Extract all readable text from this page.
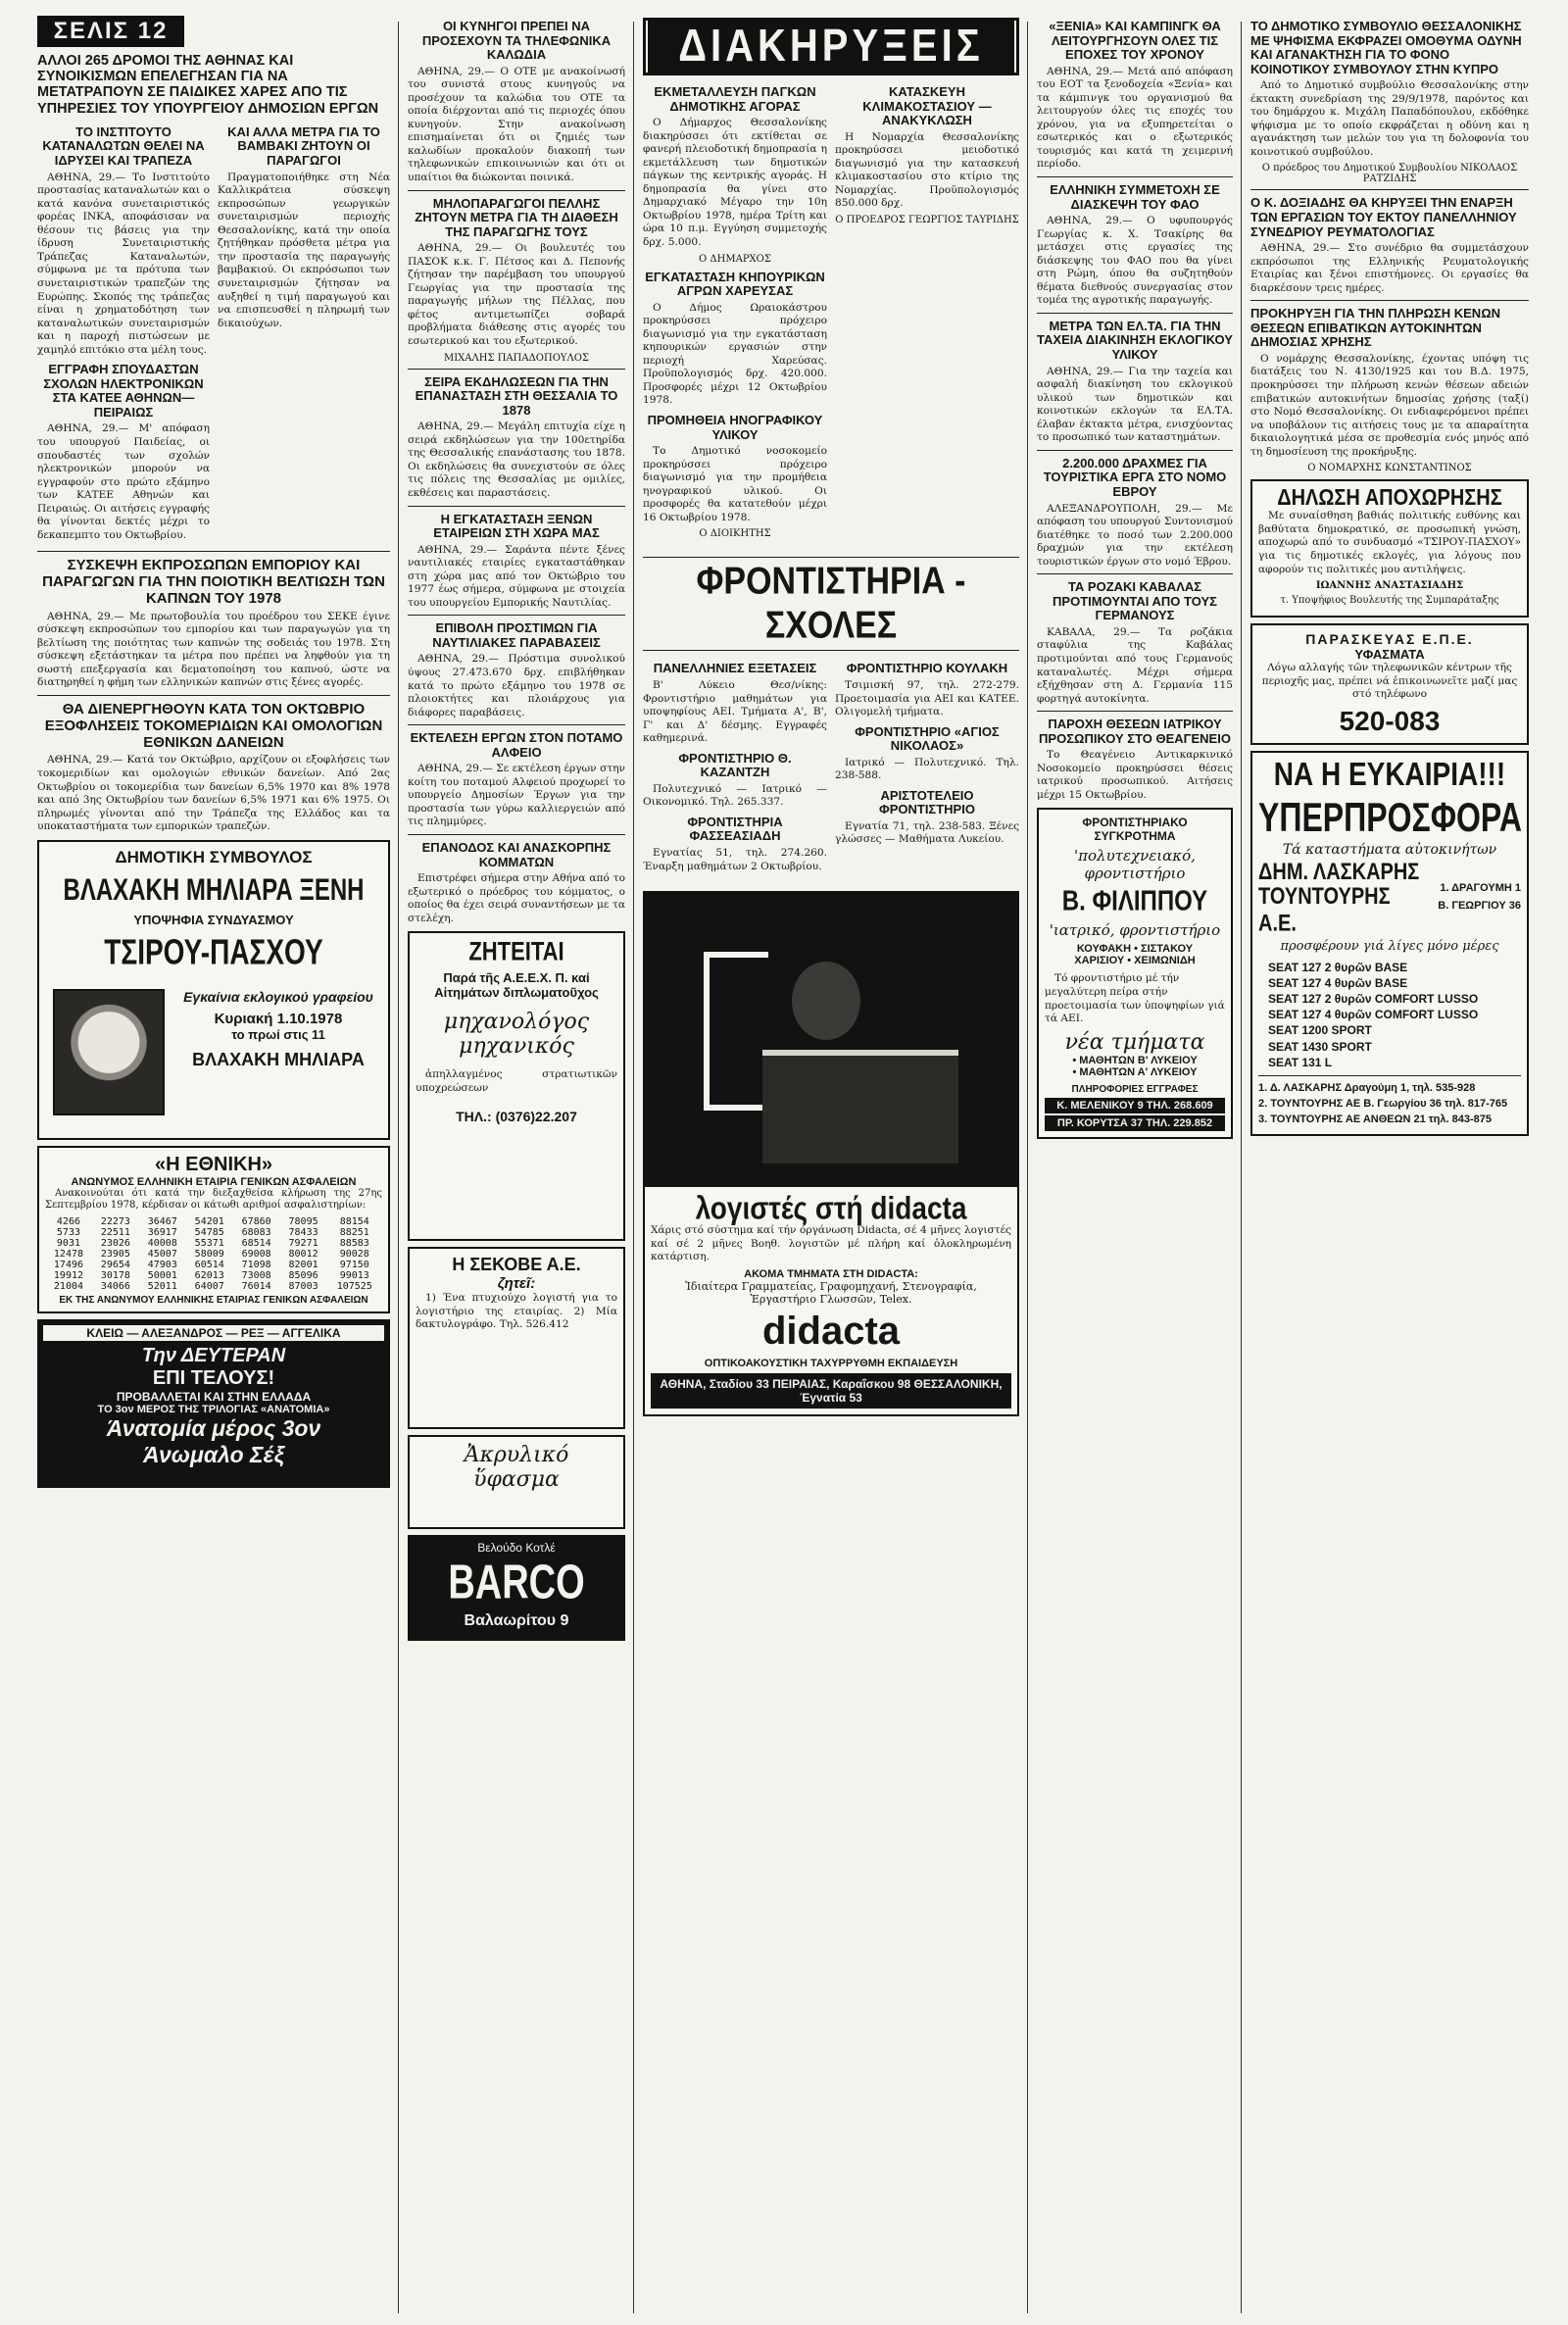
ΣΕΛΙΣ 12
ΑΛΛΟΙ 265 ΔΡΟΜΟΙ ΤΗΣ ΑΘΗΝΑΣ ΚΑΙ ΣΥΝΟΙΚΙΣΜΩΝ ΕΠΕΛΕΓΗΣΑΝ ΓΙΑ ΝΑ ΜΕΤΑΤΡΑΠΟΥΝ ΣΕ ΠΑΙΔΙΚΕΣ ΧΑΡΕΣ ΑΠΟ ΤΙΣ ΥΠΗΡΕΣΙΕΣ ΤΟΥ ΥΠΟΥΡΓΕΙΟΥ ΔΗΜΟΣΙΩΝ ΕΡΓΩΝ
ΤΟ ΙΝΣΤΙΤΟΥΤΟ ΚΑΤΑΝΑΛΩΤΩΝ ΘΕΛΕΙ ΝΑ ΙΔΡΥΣΕΙ ΚΑΙ ΤΡΑΠΕΖΑ

ΑΘΗΝΑ, 29.— Το Ινστιτούτο προστασίας καταναλωτών και ο κατά κανόνα συνεταιριστικός φορέας ΙΝΚΑ, αποφάσισαν να θέσουν τις βάσεις για την ίδρυση Συνεταιριστικής Τράπεζας Καταναλωτών, σύμφωνα με τα πρότυπα των συνεταιριστικών τραπεζών της Ευρώπης. Σκοπός της τράπεζας είναι η χρηματοδότηση των καταναλωτικών συνεταιρισμών και η παροχή πιστώσεων με χαμηλό επιτόκιο στα μέλη τους.

ΕΓΓΡΑΦΗ ΣΠΟΥΔΑΣΤΩΝ ΣΧΟΛΩΝ ΗΛΕΚΤΡΟΝΙΚΩΝ ΣΤΑ ΚΑΤΕΕ ΑΘΗΝΩΝ—ΠΕΙΡΑΙΩΣ

ΑΘΗΝΑ, 29.— Μ' απόφαση του υπουργού Παιδείας, οι σπουδαστές των σχολών ηλεκτρονικών μπορούν να εγγραφούν στο πρώτο εξάμηνο των ΚΑΤΕΕ Αθηνών και Πειραιώς. Οι αιτήσεις εγγραφής θα γίνονται δεκτές μέχρι το δεκαπεμπτο του Οκτωβρίου.

ΚΑΙ ΑΛΛΑ ΜΕΤΡΑ ΓΙΑ ΤΟ ΒΑΜΒΑΚΙ ΖΗΤΟΥΝ ΟΙ ΠΑΡΑΓΩΓΟΙ

Πραγματοποιήθηκε στη Νέα Καλλικράτεια σύσκεψη εκπροσώπων γεωργικών συνεταιρισμών περιοχής Θεσσαλονίκης, κατά την οποία ζητήθηκαν πρόσθετα μέτρα για την προστασία της παραγωγής βαμβακιού. Οι εκπρόσωποι των συνεταιρισμών ζήτησαν να αυξηθεί η τιμή παραγωγού και να επισπευσθεί η πληρωμή των δικαιούχων.

ΣΥΣΚΕΨΗ ΕΚΠΡΟΣΩΠΩΝ ΕΜΠΟΡΙΟΥ ΚΑΙ ΠΑΡΑΓΩΓΩΝ ΓΙΑ ΤΗΝ ΠΟΙΟΤΙΚΗ ΒΕΛΤΙΩΣΗ ΤΩΝ ΚΑΠΝΩΝ ΤΟΥ 1978

ΑΘΗΝΑ, 29.— Με πρωτοβουλία του προέδρου του ΣΕΚΕ έγινε σύσκεψη εκπροσώπων του εμπορίου και των παραγωγών για τη βελτίωση της ποιότητας των καπνών της σοδειάς του 1978. Στη σύσκεψη εξετάστηκαν τα μέτρα που πρέπει να ληφθούν για τη σωστή επεξεργασία και δεματοποίηση του καπνού, ώστε να διατηρηθεί η φήμη των ελληνικών καπνών στις ξένες αγορές.

ΘΑ ΔΙΕΝΕΡΓΗΘΟΥΝ ΚΑΤΑ ΤΟΝ ΟΚΤΩΒΡΙΟ ΕΞΟΦΛΗΣΕΙΣ ΤΟΚΟΜΕΡΙΔΙΩΝ ΚΑΙ ΟΜΟΛΟΓΙΩΝ ΕΘΝΙΚΩΝ ΔΑΝΕΙΩΝ

ΑΘΗΝΑ, 29.— Κατά τον Οκτώβριο, αρχίζουν οι εξοφλήσεις των τοκομεριδίων και ομολογιών εθνικών δανείων. Από 2ας Οκτωβρίου οι τοκομερίδια των δανείων 6,5% 1970 και 8% 1978 και από 3ης Οκτωβρίου των δανείων 6,5% 1971 και 6% 1975. Οι πληρωμές γίνονται από την Τράπεζα της Ελλάδος και τα υποκαταστήματα των εμπορικών τραπεζών.

ΔΗΜΟΤΙΚΗ ΣΥΜΒΟΥΛΟΣ
ΒΛΑΧΑΚΗ ΜΗΛΙΑΡΑ ΞΕΝΗ
ΥΠΟΨΗΦΙΑ ΣΥΝΔΥΑΣΜΟΥ
ΤΣΙΡΟΥ-ΠΑΣΧΟΥ
Εγκαίνια εκλογικού γραφείου
Κυριακή 1.10.1978
το πρωί στις 11
ΒΛΑΧΑΚΗ ΜΗΛΙΑΡΑ
«Η ΕΘΝΙΚΗ»
ΑΝΩΝΥΜΟΣ ΕΛΛΗΝΙΚΗ ΕΤΑΙΡΙΑ ΓΕΝΙΚΩΝ ΑΣΦΑΛΕΙΩΝ

Ανακοινούται ότι κατά την διεξαχθείσα κλήρωση της 27ης Σεπτεμβρίου 1978, κέρδισαν οι κάτωθι αριθμοί ασφαλιστηρίων:

4266	22273	36467	54201	67860	78095	88154
5733	22511	36917	54785	68083	78433	88251
9031	23026	40008	55371	68514	79271	88583
12478	23905	45007	58009	69008	80012	90028
17496	29654	47903	60514	71098	82001	97150
19912	30178	50001	62013	73008	85096	99013
21004	34066	52011	64007	76014	87003	107525
ΕΚ ΤΗΣ ΑΝΩΝΥΜΟΥ ΕΛΛΗΝΙΚΗΣ ΕΤΑΙΡΙΑΣ ΓΕΝΙΚΩΝ ΑΣΦΑΛΕΙΩΝ
ΚΛΕΙΩ — ΑΛΕΞΑΝΔΡΟΣ — ΡΕΞ — ΑΓΓΕΛΙΚΑ
Την ΔΕΥΤΕΡΑΝ
ΕΠΙ ΤΕΛΟΥΣ!
ΠΡΟΒΑΛΛΕΤΑΙ ΚΑΙ ΣΤΗΝ ΕΛΛΑΔΑ
ΤΟ 3ον ΜΕΡΟΣ ΤΗΣ ΤΡΙΛΟΓΙΑΣ «ΑΝΑΤΟΜΙΑ»
Άνατομία μέρος 3ον
Άνωμαλο Σέξ
ΟΙ ΚΥΝΗΓΟΙ ΠΡΕΠΕΙ ΝΑ ΠΡΟΣΕΧΟΥΝ ΤΑ ΤΗΛΕΦΩΝΙΚΑ ΚΑΛΩΔΙΑ

ΑΘΗΝΑ, 29.— Ο ΟΤΕ με ανακοίνωσή του συνιστά στους κυνηγούς να προσέχουν τα καλώδια του ΟΤΕ τα οποία διέρχονται από τις περιοχές όπου κυνηγούν. Στην ανακοίνωση επισημαίνεται ότι οι ζημιές των καλωδίων προκαλούν διακοπή των τηλεφωνικών επικοινωνιών και ότι οι υπαίτιοι θα διώκονται ποινικά.

ΜΗΛΟΠΑΡΑΓΩΓΟΙ ΠΕΛΛΗΣ ΖΗΤΟΥΝ ΜΕΤΡΑ ΓΙΑ ΤΗ ΔΙΑΘΕΣΗ ΤΗΣ ΠΑΡΑΓΩΓΗΣ ΤΟΥΣ

ΑΘΗΝΑ, 29.— Οι βουλευτές του ΠΑΣΟΚ κ.κ. Γ. Πέτσος και Δ. Πεπονής ζήτησαν την παρέμβαση του υπουργού Γεωργίας για την προστασία της παραγωγής μήλων της Πέλλας, που φέτος αντιμετωπίζει σοβαρά προβλήματα διάθεσης στις αγορές του εσωτερικού και του εξωτερικού.

ΜΙΧΑΛΗΣ ΠΑΠΑΔΟΠΟΥΛΟΣ
ΣΕΙΡΑ ΕΚΔΗΛΩΣΕΩΝ ΓΙΑ ΤΗΝ ΕΠΑΝΑΣΤΑΣΗ ΣΤΗ ΘΕΣΣΑΛΙΑ ΤΟ 1878

ΑΘΗΝΑ, 29.— Μεγάλη επιτυχία είχε η σειρά εκδηλώσεων για την 100ετηρίδα της Θεσσαλικής επανάστασης του 1878. Οι εκδηλώσεις θα συνεχιστούν σε όλες τις πόλεις της Θεσσαλίας με ομιλίες, εκθέσεις και παραστάσεις.

Η ΕΓΚΑΤΑΣΤΑΣΗ ΞΕΝΩΝ ΕΤΑΙΡΕΙΩΝ ΣΤΗ ΧΩΡΑ ΜΑΣ

ΑΘΗΝΑ, 29.— Σαράντα πέντε ξένες ναυτιλιακές εταιρίες εγκαταστάθηκαν στη χώρα μας από τον Οκτώβριο του 1977 έως σήμερα, σύμφωνα με στοιχεία του υπουργείου Εμπορικής Ναυτιλίας.

ΕΠΙΒΟΛΗ ΠΡΟΣΤΙΜΩΝ ΓΙΑ ΝΑΥΤΙΛΙΑΚΕΣ ΠΑΡΑΒΑΣΕΙΣ

ΑΘΗΝΑ, 29.— Πρόστιμα συνολικού ύψους 27.473.670 δρχ. επιβλήθηκαν κατά το πρώτο εξάμηνο του 1978 σε πλοιοκτήτες και πλοιάρχους για διάφορες παραβάσεις.

ΕΚΤΕΛΕΣΗ ΕΡΓΩΝ ΣΤΟΝ ΠΟΤΑΜΟ ΑΛΦΕΙΟ

ΑΘΗΝΑ, 29.— Σε εκτέλεση έργων στην κοίτη του ποταμού Αλφειού προχωρεί το υπουργείο Δημοσίων Έργων για την προστασία των γύρω καλλιεργειών από τις πλημμύρες.

ΕΠΑΝΟΔΟΣ ΚΑΙ ΑΝΑΣΚΟΡΠΗΣ ΚΟΜΜΑΤΩΝ

Επιστρέφει σήμερα στην Αθήνα από το εξωτερικό ο πρόεδρος του κόμματος, ο οποίος θα έχει σειρά συναντήσεων με τα στελέχη.

ΖΗΤΕΙΤΑΙ
Παρά τῆς Α.Ε.Ε.Χ. Π. καί Αἰτημάτων διπλωματοῦχος
μηχανολόγος μηχανικός

ἀπηλλαγμένος στρατιωτικῶν υποχρεώσεων

ΤΗΛ.: (0376)22.207
Η ΣΕΚΟΒΕ Α.Ε.
ζητεῖ:

1) Ένα πτυχιούχο λογιστή για το λογιστήριο της εταιρίας. 2) Μία δακτυλογράφο. Τηλ. 526.412

Ἀκρυλικό
ὕφασμα
Βελούδο Κοτλέ
BARCO
Βαλαωρίτου 9
ΔΙΑΚΗΡΥΞΕΙΣ
ΕΚΜΕΤΑΛΛΕΥΣΗ ΠΑΓΚΩΝ ΔΗΜΟΤΙΚΗΣ ΑΓΟΡΑΣ

Ο Δήμαρχος Θεσσαλονίκης διακηρύσσει ότι εκτίθεται σε φανερή πλειοδοτική δημοπρασία η εκμετάλλευση των δημοτικών πάγκων της κεντρικής αγοράς. Η δημοπρασία θα γίνει στο Δημαρχιακό Μέγαρο την 10η Οκτωβρίου 1978, ημέρα Τρίτη και ώρα 10 π.μ. Εγγύηση συμμετοχής δρχ. 5.000.

Ο ΔΗΜΑΡΧΟΣ
ΕΓΚΑΤΑΣΤΑΣΗ ΚΗΠΟΥΡΙΚΩΝ ΑΓΡΩΝ ΧΑΡΕΥΣΑΣ

Ο Δήμος Ωραιοκάστρου προκηρύσσει πρόχειρο διαγωνισμό για την εγκατάσταση κηπουρικών εργασιών στην περιοχή Χαρεύσας. Προϋπολογισμός δρχ. 420.000. Προσφορές μέχρι 12 Οκτωβρίου 1978.

ΠΡΟΜΗΘΕΙΑ ΗΝΟΓΡΑΦΙΚΟΥ ΥΛΙΚΟΥ

Το Δημοτικό νοσοκομείο προκηρύσσει πρόχειρο διαγωνισμό για την προμήθεια ηνογραφικού υλικού. Οι προσφορές θα κατατεθούν μέχρι 16 Οκτωβρίου 1978.

Ο ΔΙΟΙΚΗΤΗΣ
ΚΑΤΑΣΚΕΥΗ ΚΛΙΜΑΚΟΣΤΑΣΙΟΥ — ΑΝΑΚΥΚΛΩΣΗ

Η Νομαρχία Θεσσαλονίκης προκηρύσσει μειοδοτικό διαγωνισμό για την κατασκευή κλιμακοστασίου στο κτίριο της Νομαρχίας. Προϋπολογισμός 850.000 δρχ.

Ο ΠΡΟΕΔΡΟΣ ΓΕΩΡΓΙΟΣ ΤΑΥΡΙΔΗΣ
ΦΡΟΝΤΙΣΤΗΡΙΑ - ΣΧΟΛΕΣ
ΠΑΝΕΛΛΗΝΙΕΣ ΕΞΕΤΑΣΕΙΣ

Β' Λύκειο Θεσ/νίκης: Φροντιστήριο μαθημάτων για υποψηφίους ΑΕΙ. Τμήματα Α', Β', Γ' και Δ' δέσμης. Εγγραφές καθημερινά.

ΦΡΟΝΤΙΣΤΗΡΙΟ Θ. ΚΑΖΑΝΤΖΗ

Πολυτεχνικό — Ιατρικό — Οικονομικό. Τηλ. 265.337.

ΦΡΟΝΤΙΣΤΗΡΙΑ ΦΑΣΣΕΑΣΙΑΔΗ

Εγνατίας 51, τηλ. 274.260. Έναρξη μαθημάτων 2 Οκτωβρίου.

ΦΡΟΝΤΙΣΤΗΡΙΟ ΚΟΥΛΑΚΗ

Τσιμισκή 97, τηλ. 272-279. Προετοιμασία για ΑΕΙ και ΚΑΤΕΕ. Ολιγομελή τμήματα.

ΦΡΟΝΤΙΣΤΗΡΙΟ «ΑΓΙΟΣ ΝΙΚΟΛΑΟΣ»

Ιατρικό — Πολυτεχνικό. Τηλ. 238-588.

ΑΡΙΣΤΟΤΕΛΕΙΟ ΦΡΟΝΤΙΣΤΗΡΙΟ

Εγνατία 71, τηλ. 238-583. Ξένες γλώσσες — Μαθήματα Λυκείου.

λογιστές στή didacta

Χάρις στό σύστημα καί τήν όργάνωση Didacta, σέ 4 μῆνες λογιστές καί σέ 2 μῆνες Βοηθ. λογιστῶν μέ πλήρη καί ὁλοκληρωμένη κατάρτιση.

ΑΚΟΜΑ ΤΜΗΜΑΤΑ ΣΤΗ DIDACTA:
Ἰδιαίτερα Γραμματείας, Γραφομηχανή, Στενογραφία, Ἐργαστήριο Γλωσσῶν, Telex.
didacta
ΟΠΤΙΚΟΑΚΟΥΣΤΙΚΗ ΤΑΧΥΡΡΥΘΜΗ ΕΚΠΑΙΔΕΥΣΗ
ΑΘΗΝΑ, Σταδίου 33 ΠΕΙΡΑΙΑΣ, Καραΐσκου 98 ΘΕΣΣΑΛΟΝΙΚΗ, Έγνατία 53
«ΞΕΝΙΑ» ΚΑΙ ΚΑΜΠΙΝΓΚ ΘΑ ΛΕΙΤΟΥΡΓΗΣΟΥΝ ΟΛΕΣ ΤΙΣ ΕΠΟΧΕΣ ΤΟΥ ΧΡΟΝΟΥ

ΑΘΗΝΑ, 29.— Μετά από απόφαση του ΕΟΤ τα ξενοδοχεία «Ξενία» και τα κάμπινγκ του οργανισμού θα λειτουργούν όλες τις εποχές του χρόνου, για να εξυπηρετείται ο εσωτερικός και ο εξωτερικός τουρισμός και κατά τη χειμερινή περίοδο.

ΕΛΛΗΝΙΚΗ ΣΥΜΜΕΤΟΧΗ ΣΕ ΔΙΑΣΚΕΨΗ ΤΟΥ ΦΑΟ

ΑΘΗΝΑ, 29.— Ο υφυπουργός Γεωργίας κ. Χ. Τσακίρης θα μετάσχει στις εργασίες της διάσκεψης του ΦΑΟ που θα γίνει στη Ρώμη, όπου θα συζητηθούν θέματα διεθνούς συνεργασίας στον τομέα της αγροτικής παραγωγής.

ΜΕΤΡΑ ΤΩΝ ΕΛ.ΤΑ. ΓΙΑ ΤΗΝ ΤΑΧΕΙΑ ΔΙΑΚΙΝΗΣΗ ΕΚΛΟΓΙΚΟΥ ΥΛΙΚΟΥ

ΑΘΗΝΑ, 29.— Για την ταχεία και ασφαλή διακίνηση του εκλογικού υλικού των δημοτικών και κοινοτικών εκλογών τα ΕΛ.ΤΑ. έλαβαν έκτακτα μέτρα, ενισχύοντας το προσωπικό των καταστημάτων.

2.200.000 ΔΡΑΧΜΕΣ ΓΙΑ ΤΟΥΡΙΣΤΙΚΑ ΕΡΓΑ ΣΤΟ ΝΟΜΟ ΕΒΡΟΥ

ΑΛΕΞΑΝΔΡΟΥΠΟΛΗ, 29.— Με απόφαση του υπουργού Συντονισμού διατέθηκε το ποσό των 2.200.000 δραχμών για την εκτέλεση τουριστικών έργων στο νομό Έβρου.

ΤΑ ΡΟΖΑΚΙ ΚΑΒΑΛΑΣ ΠΡΟΤΙΜΟΥΝΤΑΙ ΑΠΟ ΤΟΥΣ ΓΕΡΜΑΝΟΥΣ

ΚΑΒΑΛΑ, 29.— Τα ροζάκια σταφύλια της Καβάλας προτιμούνται από τους Γερμανούς καταναλωτές. Μέχρι σήμερα εξήχθησαν στη Δ. Γερμανία 115 φορτηγά αυτοκίνητα.

ΠΑΡΟΧΗ ΘΕΣΕΩΝ ΙΑΤΡΙΚΟΥ ΠΡΟΣΩΠΙΚΟΥ ΣΤΟ ΘΕΑΓΕΝΕΙΟ

Το Θεαγένειο Αντικαρκινικό Νοσοκομείο προκηρύσσει θέσεις ιατρικού προσωπικού. Αιτήσεις μέχρι 15 Οκτωβρίου.

ΦΡΟΝΤΙΣΤΗΡΙΑΚΟ ΣΥΓΚΡΟΤΗΜΑ
'πολυτεχνειακό, φροντιστήριο
Β. ΦΙΛΙΠΠΟΥ
'ιατρικό, φροντιστήριο
ΚΟΥΦΑΚΗ • ΣΙΣΤΑΚΟΥ
ΧΑΡΙΣΙΟΥ • ΧΕΙΜΩΝΙΔΗ

Τό φροντιστήριο μέ τήν μεγαλύτερη πείρα στήν προετοιμασία των ὑποψηφίων γιά τά ΑΕΙ.

νέα τμήματα
• ΜΑΘΗΤΩΝ Β' ΛΥΚΕΙΟΥ
• ΜΑΘΗΤΩΝ Α' ΛΥΚΕΙΟΥ
ΠΛΗΡΟΦΟΡΙΕΣ ΕΓΓΡΑΦΕΣ
Κ. ΜΕΛΕΝΙΚΟΥ 9 ΤΗΛ. 268.609
ΠΡ. ΚΟΡΥΤΣΑ 37 ΤΗΛ. 229.852
ΤΟ ΔΗΜΟΤΙΚΟ ΣΥΜΒΟΥΛΙΟ ΘΕΣΣΑΛΟΝΙΚΗΣ ΜΕ ΨΗΦΙΣΜΑ ΕΚΦΡΑΖΕΙ ΟΜΟΘΥΜΑ ΟΔΥΝΗ ΚΑΙ ΑΓΑΝΑΚΤΗΣΗ ΓΙΑ ΤΟ ΦΟΝΟ ΚΟΙΝΟΤΙΚΟΥ ΣΥΜΒΟΥΛΟΥ ΣΤΗΝ ΚΥΠΡΟ

Από το Δημοτικό συμβούλιο Θεσσαλονίκης στην έκτακτη συνεδρίαση της 29/9/1978, παρόντος και του δημάρχου κ. Μιχάλη Παπαδόπουλου, εκδόθηκε ψήφισμα με το οποίο εκφράζεται η οδύνη και η αγανάκτηση των μελών του για τη δολοφονία του κοινοτικού συμβούλου.

Ο πρόεδρος του Δημοτικού Συμβουλίου ΝΙΚΟΛΑΟΣ ΡΑΤΖΙΔΗΣ
Ο Κ. ΔΟΞΙΑΔΗΣ ΘΑ ΚΗΡΥΞΕΙ ΤΗΝ ΕΝΑΡΞΗ ΤΩΝ ΕΡΓΑΣΙΩΝ ΤΟΥ ΕΚΤΟΥ ΠΑΝΕΛΛΗΝΙΟΥ ΣΥΝΕΔΡΙΟΥ ΡΕΥΜΑΤΟΛΟΓΙΑΣ

ΑΘΗΝΑ, 29.— Στο συνέδριο θα συμμετάσχουν εκπρόσωποι της Ελληνικής Ρευματολογικής Εταιρίας και ξένοι επιστήμονες. Οι εργασίες θα διαρκέσουν τρεις ημέρες.

ΠΡΟΚΗΡΥΞΗ ΓΙΑ ΤΗΝ ΠΛΗΡΩΣΗ ΚΕΝΩΝ ΘΕΣΕΩΝ ΕΠΙΒΑΤΙΚΩΝ ΑΥΤΟΚΙΝΗΤΩΝ ΔΗΜΟΣΙΑΣ ΧΡΗΣΗΣ

Ο νομάρχης Θεσσαλονίκης, έχοντας υπόψη τις διατάξεις του Ν. 4130/1925 και του Β.Δ. 1975, προκηρύσσει την πλήρωση κενών θέσεων αδειών επιβατικών αυτοκινήτων δημοσίας χρήσης (ταξί) στο Νομό Θεσσαλονίκης. Οι ενδιαφερόμενοι πρέπει να υποβάλουν τις αιτήσεις τους με τα απαραίτητα δικαιολογητικά μέσα σε προθεσμία ενός μηνός από τη δημοσίευση της προκήρυξης.

Ο ΝΟΜΑΡΧΗΣ ΚΩΝΣΤΑΝΤΙΝΟΣ
ΔΗΛΩΣΗ ΑΠΟΧΩΡΗΣΗΣ

Με συναίσθηση βαθιάς πολιτικής ευθύνης και βαθύτατα δημοκρατικό, σε προσωπική γνώση, αποχωρώ από το συνδυασμό «ΤΣΙΡΟΥ-ΠΑΣΧΟΥ» για τις δημοτικές εκλογές, για λόγους που αφορούν τις πολιτικές μου αντιλήψεις.

ΙΩΑΝΝΗΣ ΑΝΑΣΤΑΣΙΑΔΗΣ
τ. Υποψήφιος Βουλευτής της Συμπαράταξης
ΠΑΡΑΣΚΕΥΑΣ Ε.Π.Ε.
ΥΦΑΣΜΑΤΑ

Λόγω αλλαγής τῶν τηλεφωνικῶν κέντρων τῆς περιοχῆς μας, πρέπει νά ἐπικοινωνεῖτε μαζί μας στό τηλέφωνο

520-083
ΝΑ Η ΕΥΚΑΙΡΙΑ!!!
ΥΠΕΡΠΡΟΣΦΟΡΑ
Τά καταστήματα αὐτοκινήτων
ΔΗΜ. ΛΑΣΚΑΡΗΣ
ΤΟΥΝΤΟΥΡΗΣ Α.Ε.
1. ΔΡΑΓΟΥΜΗ 1
Β. ΓΕΩΡΓΙΟΥ 36
προσφέρουν γιά λίγες μόνο μέρες
SEAT 127 2 θυρῶν BASE
SEAT 127 4 θυρῶν BASE
SEAT 127 2 θυρῶν COMFORT LUSSO
SEAT 127 4 θυρῶν COMFORT LUSSO
SEAT 1200 SPORT
SEAT 1430 SPORT
SEAT 131 L
1. Δ. ΛΑΣΚΑΡΗΣ Δραγούμη 1, τηλ. 535-928
2. ΤΟΥΝΤΟΥΡΗΣ ΑΕ Β. Γεωργίου 36 τηλ. 817-765
3. ΤΟΥΝΤΟΥΡΗΣ ΑΕ ΑΝΘΕΩΝ 21 τηλ. 843-875
